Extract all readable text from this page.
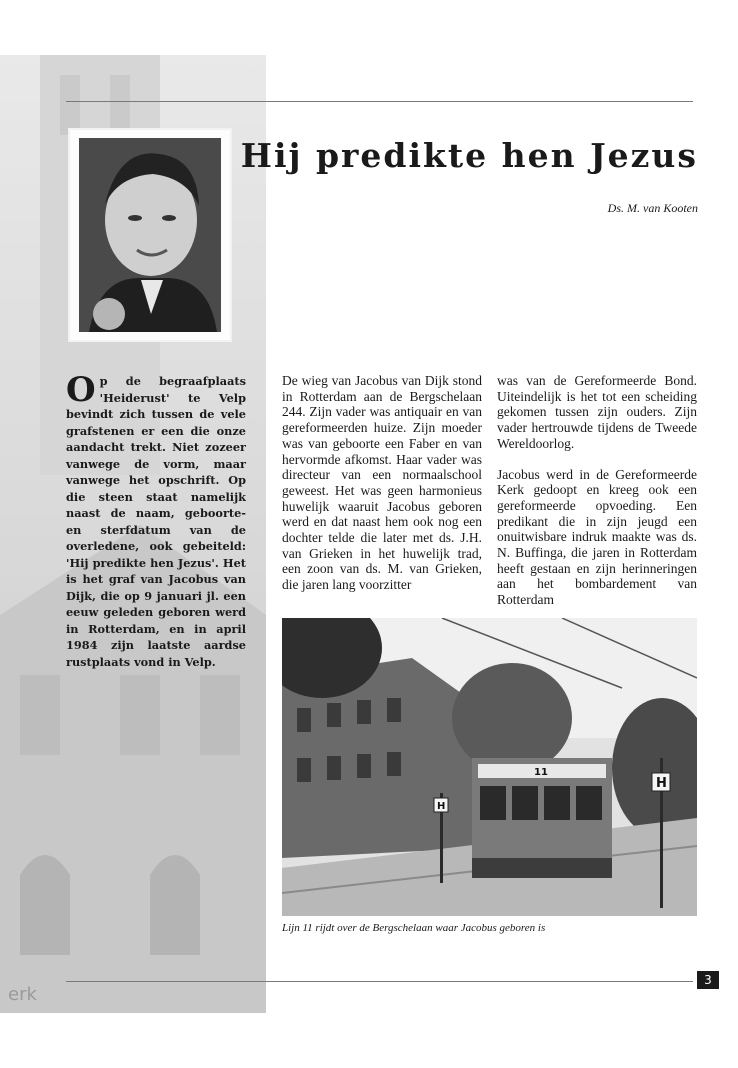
erk
Hij predikte hen Jezus
Ds. M. van Kooten
Op de begraafplaats 'Heiderust' te Velp bevindt zich tussen de vele grafstenen er een die onze aandacht trekt. Niet zozeer vanwege de vorm, maar vanwege het opschrift. Op die steen staat namelijk naast de naam, geboorte- en sterfdatum van de overledene, ook gebeiteld: 'Hij predikte hen Jezus'. Het is het graf van Jacobus van Dijk, die op 9 januari jl. een eeuw geleden geboren werd in Rotterdam, en in april 1984 zijn laatste aardse rustplaats vond in Velp.

De wieg van Jacobus van Dijk stond in Rotterdam aan de Bergschelaan 244. Zijn vader was antiquair en van gereformeerden huize. Zijn moeder was van geboorte een Faber en van hervormde afkomst. Haar vader was directeur van een normaalschool geweest. Het was geen harmonieus huwelijk waaruit Jacobus geboren werd en dat naast hem ook nog een dochter telde die later met ds. J.H. van Grieken in het huwelijk trad, een zoon van ds. M. van Grieken, die jaren lang voorzitter

was van de Gereformeerde Bond. Uiteindelijk is het tot een scheiding gekomen tussen zijn ouders. Zijn vader hertrouwde tijdens de Tweede Wereldoorlog.

Jacobus werd in de Gereformeerde Kerk gedoopt en kreeg ook een gereformeerde opvoeding. Een predikant die in zijn jeugd een onuitwisbare indruk maakte was ds. N. Buffinga, die jaren in Rotterdam heeft gestaan en zijn herinneringen aan het bombardement van Rotterdam

11
H
H
Lijn 11 rijdt over de Bergschelaan waar Jacobus geboren is
3
